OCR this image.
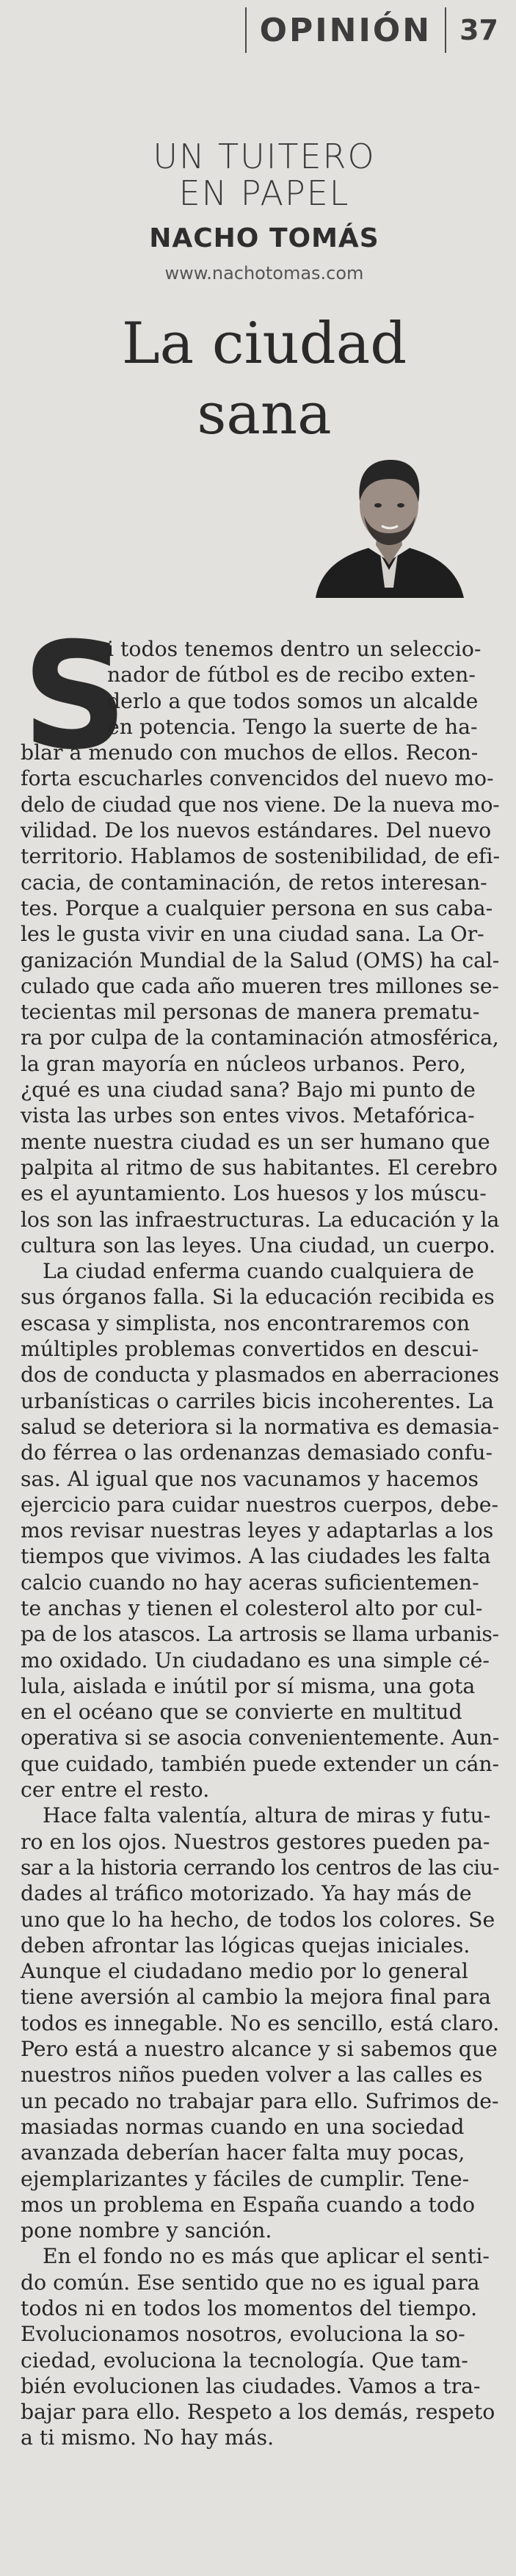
OPINIÓN 37
UN TUITERO
EN PAPEL
NACHO TOMÁS
www.nachotomas.com
La ciudad
sana
S
i todos tenemos dentro un seleccio-
nador de fútbol es de recibo exten-
derlo a que todos somos un alcalde
en potencia. Tengo la suerte de ha-
blar a menudo con muchos de ellos. Recon-
forta escucharles convencidos del nuevo mo-
delo de ciudad que nos viene. De la nueva mo-
vilidad. De los nuevos estándares. Del nuevo
territorio. Hablamos de sostenibilidad, de efi-
cacia, de contaminación, de retos interesan-
tes. Porque a cualquier persona en sus caba-
les le gusta vivir en una ciudad sana. La Or-
ganización Mundial de la Salud (OMS) ha cal-
culado que cada año mueren tres millones se-
tecientas mil personas de manera prematu-
ra por culpa de la contaminación atmosférica,
la gran mayoría en núcleos urbanos. Pero,
¿qué es una ciudad sana? Bajo mi punto de
vista las urbes son entes vivos. Metafórica-
mente nuestra ciudad es un ser humano que
palpita al ritmo de sus habitantes. El cerebro
es el ayuntamiento. Los huesos y los múscu-
los son las infraestructuras. La educación y la
cultura son las leyes. Una ciudad, un cuerpo.
La ciudad enferma cuando cualquiera de
sus órganos falla. Si la educación recibida es
escasa y simplista, nos encontraremos con
múltiples problemas convertidos en descui-
dos de conducta y plasmados en aberraciones
urbanísticas o carriles bicis incoherentes. La
salud se deteriora si la normativa es demasia-
do férrea o las ordenanzas demasiado confu-
sas. Al igual que nos vacunamos y hacemos
ejercicio para cuidar nuestros cuerpos, debe-
mos revisar nuestras leyes y adaptarlas a los
tiempos que vivimos. A las ciudades les falta
calcio cuando no hay aceras suficientemen-
te anchas y tienen el colesterol alto por cul-
pa de los atascos. La artrosis se llama urbanis-
mo oxidado. Un ciudadano es una simple cé-
lula, aislada e inútil por sí misma, una gota
en el océano que se convierte en multitud
operativa si se asocia convenientemente. Aun-
que cuidado, también puede extender un cán-
cer entre el resto.
Hace falta valentía, altura de miras y futu-
ro en los ojos. Nuestros gestores pueden pa-
sar a la historia cerrando los centros de las ciu-
dades al tráfico motorizado. Ya hay más de
uno que lo ha hecho, de todos los colores. Se
deben afrontar las lógicas quejas iniciales.
Aunque el ciudadano medio por lo general
tiene aversión al cambio la mejora final para
todos es innegable. No es sencillo, está claro.
Pero está a nuestro alcance y si sabemos que
nuestros niños pueden volver a las calles es
un pecado no trabajar para ello. Sufrimos de-
masiadas normas cuando en una sociedad
avanzada deberían hacer falta muy pocas,
ejemplarizantes y fáciles de cumplir. Tene-
mos un problema en España cuando a todo
pone nombre y sanción.
En el fondo no es más que aplicar el senti-
do común. Ese sentido que no es igual para
todos ni en todos los momentos del tiempo.
Evolucionamos nosotros, evoluciona la so-
ciedad, evoluciona la tecnología. Que tam-
bién evolucionen las ciudades. Vamos a tra-
bajar para ello. Respeto a los demás, respeto
a ti mismo. No hay más.
